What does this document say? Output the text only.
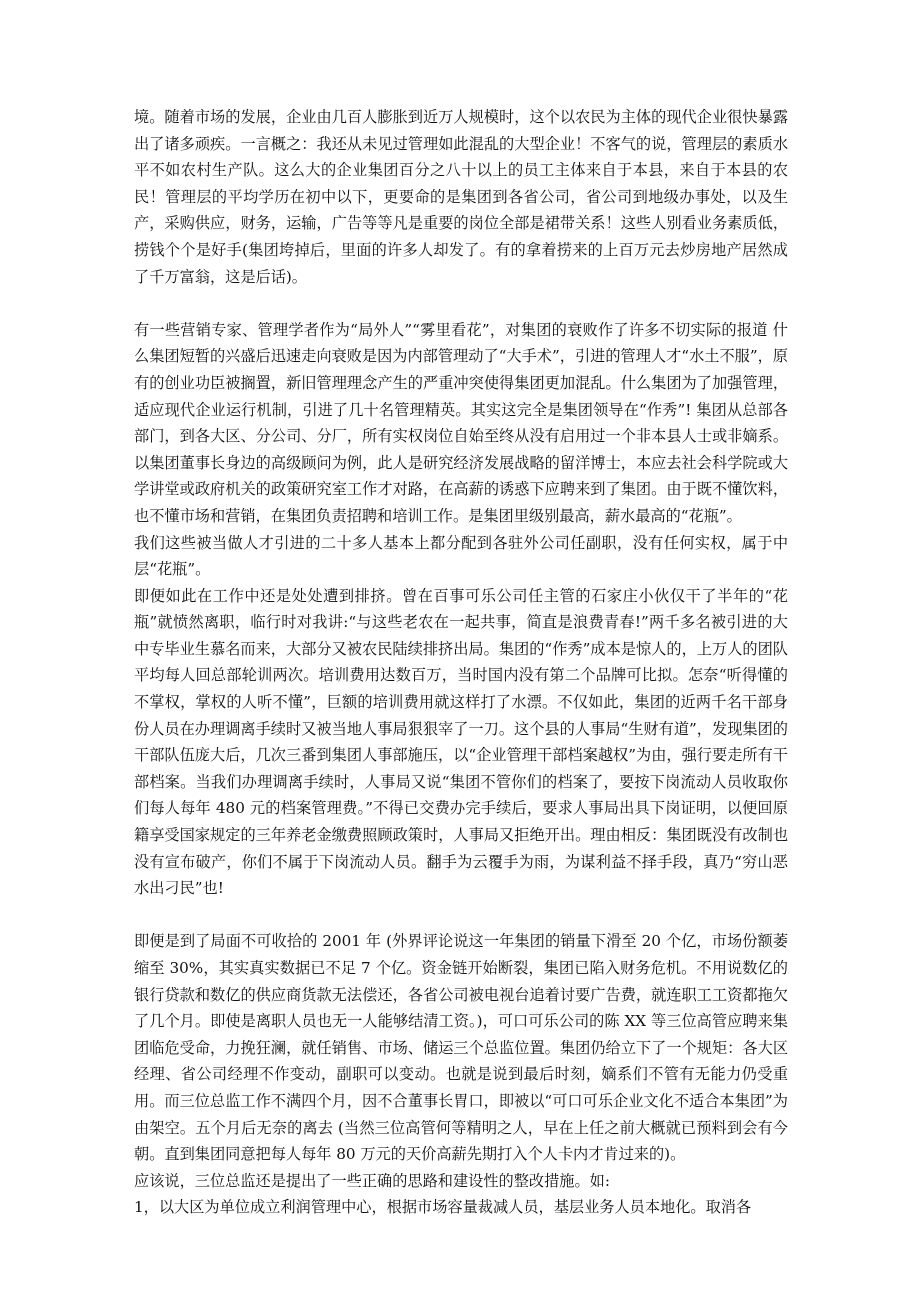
境。随着市场的发展，企业由几百人膨胀到近万人规模时，这个以农民为主体的现代企业很快暴露出了诸多顽疾。一言概之：我还从未见过管理如此混乱的大型企业！不客气的说，管理层的素质水平不如农村生产队。这么大的企业集团百分之八十以上的员工主体来自于本县，来自于本县的农民！管理层的平均学历在初中以下，更要命的是集团到各省公司，省公司到地级办事处，以及生产，采购供应，财务，运输，广告等等凡是重要的岗位全部是裙带关系！这些人别看业务素质低，捞钱个个是好手(集团垮掉后，里面的许多人却发了。有的拿着捞来的上百万元去炒房地产居然成了千万富翁，这是后话)。

有一些营销专家、管理学者作为“局外人”“雾里看花”，对集团的衰败作了许多不切实际的报道 什么集团短暂的兴盛后迅速走向衰败是因为内部管理动了“大手术”，引进的管理人才“水土不服”，原有的创业功臣被搁置，新旧管理理念产生的严重冲突使得集团更加混乱。什么集团为了加强管理，适应现代企业运行机制，引进了几十名管理精英。其实这完全是集团领导在“作秀”! 集团从总部各部门，到各大区、分公司、分厂，所有实权岗位自始至终从没有启用过一个非本县人士或非嫡系。以集团董事长身边的高级顾问为例，此人是研究经济发展战略的留洋博士，本应去社会科学院或大学讲堂或政府机关的政策研究室工作才对路，在高薪的诱惑下应聘来到了集团。由于既不懂饮料，也不懂市场和营销，在集团负责招聘和培训工作。是集团里级别最高，薪水最高的“花瓶”。

我们这些被当做人才引进的二十多人基本上都分配到各驻外公司任副职，没有任何实权，属于中层“花瓶”。

即便如此在工作中还是处处遭到排挤。曾在百事可乐公司任主管的石家庄小伙仅干了半年的“花瓶”就愤然离职，临行时对我讲:“与这些老农在一起共事，简直是浪费青春!”两千多名被引进的大中专毕业生慕名而来，大部分又被农民陆续排挤出局。集团的“作秀”成本是惊人的，上万人的团队平均每人回总部轮训两次。培训费用达数百万，当时国内没有第二个品牌可比拟。怎奈“听得懂的不掌权，掌权的人听不懂”，巨额的培训费用就这样打了水漂。不仅如此，集团的近两千名干部身份人员在办理调离手续时又被当地人事局狠狠宰了一刀。这个县的人事局“生财有道”，发现集团的干部队伍庞大后，几次三番到集团人事部施压，以“企业管理干部档案越权”为由，强行要走所有干部档案。当我们办理调离手续时，人事局又说“集团不管你们的档案了，要按下岗流动人员收取你们每人每年 480 元的档案管理费。”不得已交费办完手续后，要求人事局出具下岗证明，以便回原籍享受国家规定的三年养老金缴费照顾政策时，人事局又拒绝开出。理由相反：集团既没有改制也没有宣布破产，你们不属于下岗流动人员。翻手为云覆手为雨，为谋利益不择手段，真乃“穷山恶水出刁民”也!

即便是到了局面不可收拾的 2001 年 (外界评论说这一年集团的销量下滑至 20 个亿，市场份额萎缩至 30%，其实真实数据已不足 7 个亿。资金链开始断裂，集团已陷入财务危机。不用说数亿的银行贷款和数亿的供应商货款无法偿还，各省公司被电视台追着讨要广告费，就连职工工资都拖欠了几个月。即使是离职人员也无一人能够结清工资。)，可口可乐公司的陈 XX 等三位高管应聘来集团临危受命，力挽狂澜，就任销售、市场、储运三个总监位置。集团仍给立下了一个规矩：各大区经理、省公司经理不作变动，副职可以变动。也就是说到最后时刻，嫡系们不管有无能力仍受重用。而三位总监工作不满四个月，因不合董事长胃口，即被以“可口可乐企业文化不适合本集团”为由架空。五个月后无奈的离去 (当然三位高管何等精明之人，早在上任之前大概就已预料到会有今朝。直到集团同意把每人每年 80 万元的天价高薪先期打入个人卡内才肯过来的)。

应该说，三位总监还是提出了一些正确的思路和建设性的整改措施。如:

1，以大区为单位成立利润管理中心，根据市场容量裁减人员，基层业务人员本地化。取消各
